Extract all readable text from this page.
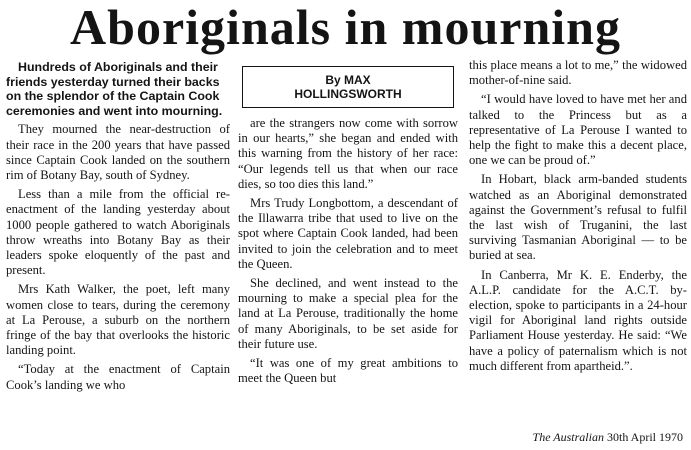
Aboriginals in mourning
Hundreds of Aboriginals and their friends yesterday turned their backs on the splendor of the Captain Cook ceremonies and went into mourning.

They mourned the near-destruction of their race in the 200 years that have passed since Captain Cook landed on the southern rim of Botany Bay, south of Sydney.

Less than a mile from the official re-enactment of the landing yesterday about 1000 people gathered to watch Aboriginals throw wreaths into Botany Bay as their leaders spoke eloquently of the past and present.

Mrs Kath Walker, the poet, left many women close to tears, during the ceremony at La Perouse, a suburb on the northern fringe of the bay that overlooks the historic landing point.

“Today at the enactment of Captain Cook’s landing we who

By MAX
HOLLINGSWORTH

are the strangers now come with sorrow in our hearts,” she began and ended with this warning from the history of her race: “Our legends tell us that when our race dies, so too dies this land.”

Mrs Trudy Longbottom, a descendant of the Illawarra tribe that used to live on the spot where Captain Cook landed, had been invited to join the celebration and to meet the Queen.

She declined, and went instead to the mourning to make a special plea for the land at La Perouse, traditionally the home of many Aboriginals, to be set aside for their future use.

“It was one of my great ambitions to meet the Queen but

this place means a lot to me,” the widowed mother-of-nine said.

“I would have loved to have met her and talked to the Princess but as a representative of La Perouse I wanted to help the fight to make this a decent place, one we can be proud of.”

In Hobart, black arm-banded students watched as an Aboriginal demonstrated against the Government’s refusal to fulfil the last wish of Truganini, the last surviving Tasmanian Aboriginal — to be buried at sea.

In Canberra, Mr K. E. Enderby, the A.L.P. candidate for the A.C.T. by-election, spoke to participants in a 24-hour vigil for Aboriginal land rights outside Parliament House yesterday. He said: “We have a policy of paternalism which is not much different from apartheid.”.

The Australian 30th April 1970
